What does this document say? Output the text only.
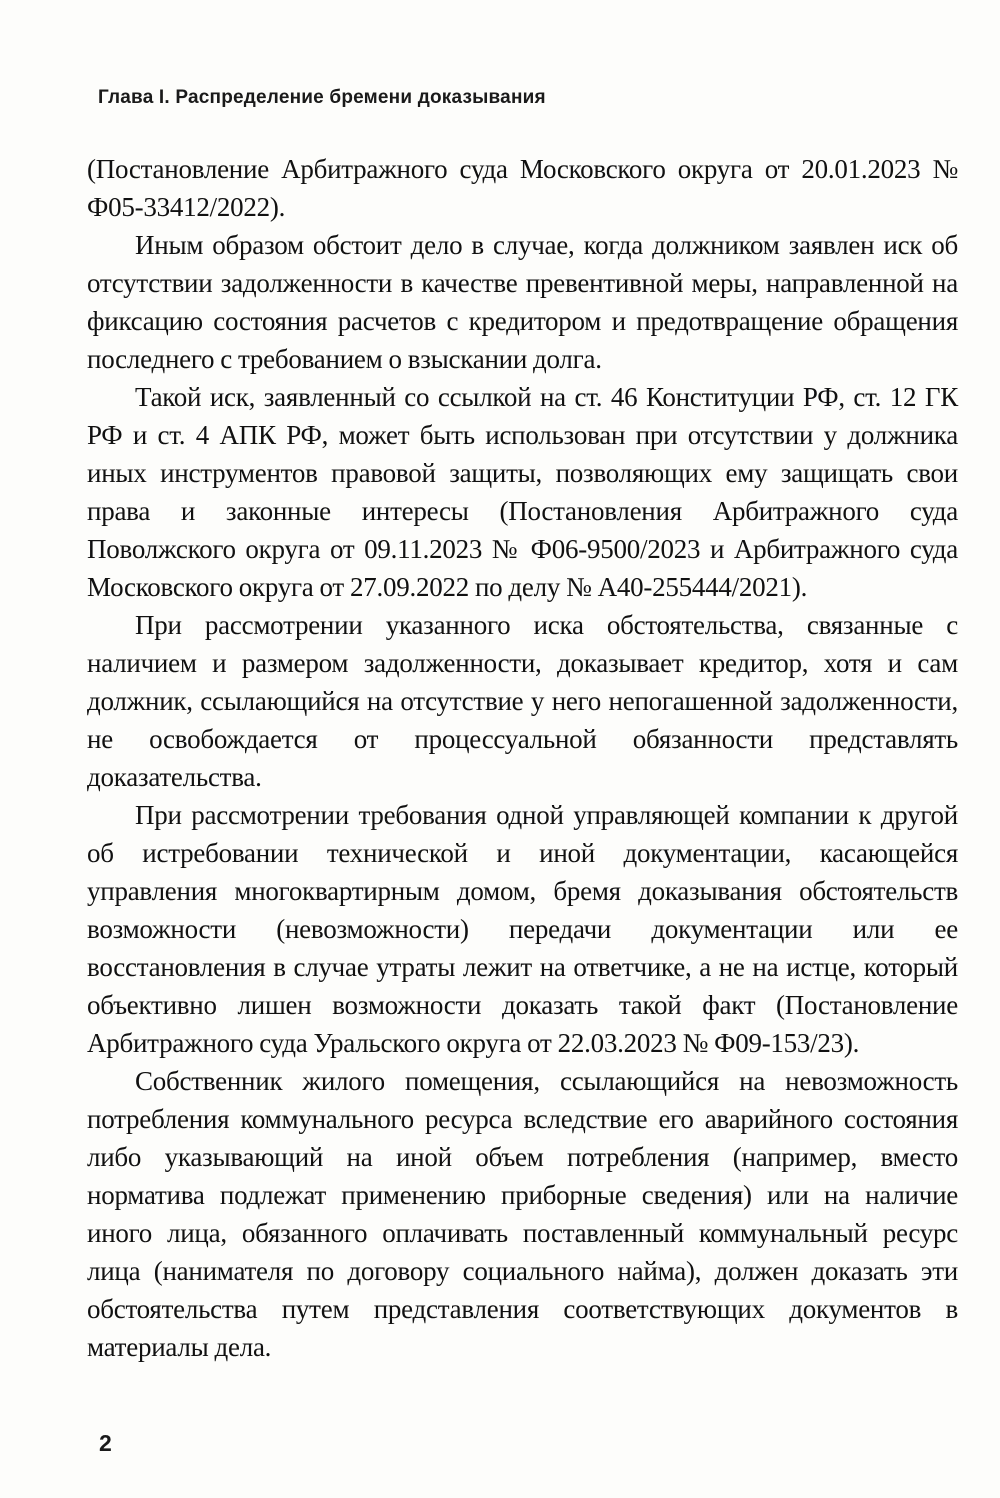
Глава I. Распределение бремени доказывания

(Постановление Арбитражного суда Московского округа от 20.01.2023 № Ф05-33412/2022).

Иным образом обстоит дело в случае, когда должником заявлен иск об отсутствии задолженности в качестве превентивной меры, направленной на фиксацию состояния расчетов с кредитором и предотвращение обращения последнего с требованием о взыскании долга.

Такой иск, заявленный со ссылкой на ст. 46 Конституции РФ, ст. 12 ГК РФ и ст. 4 АПК РФ, может быть использован при отсутствии у должника иных инструментов правовой защиты, позволяющих ему защищать свои права и законные интересы (Постановления Арбитражного суда Поволжского округа от 09.11.2023 № Ф06-9500/2023 и Арбитражного суда Московского округа от 27.09.2022 по делу № А40-255444/2021).

При рассмотрении указанного иска обстоятельства, связанные с наличием и размером задолженности, доказывает кредитор, хотя и сам должник, ссылающийся на отсутствие у него непогашенной задолженности, не освобождается от процессуальной обязанности представлять доказательства.

При рассмотрении требования одной управляющей компании к другой об истребовании технической и иной документации, касающейся управления многоквартирным домом, бремя доказывания обстоятельств возможности (невозможности) передачи документации или ее восстановления в случае утраты лежит на ответчике, а не на истце, который объективно лишен возможности доказать такой факт (Постановление Арбитражного суда Уральского округа от 22.03.2023 № Ф09-153/23).

Собственник жилого помещения, ссылающийся на невозможность потребления коммунального ресурса вследствие его аварийного состояния либо указывающий на иной объем потребления (например, вместо норматива подлежат применению приборные сведения) или на наличие иного лица, обязанного оплачивать поставленный коммунальный ресурс лица (нанимателя по договору социального найма), должен доказать эти обстоятельства путем представления соответствующих документов в материалы дела.

2
